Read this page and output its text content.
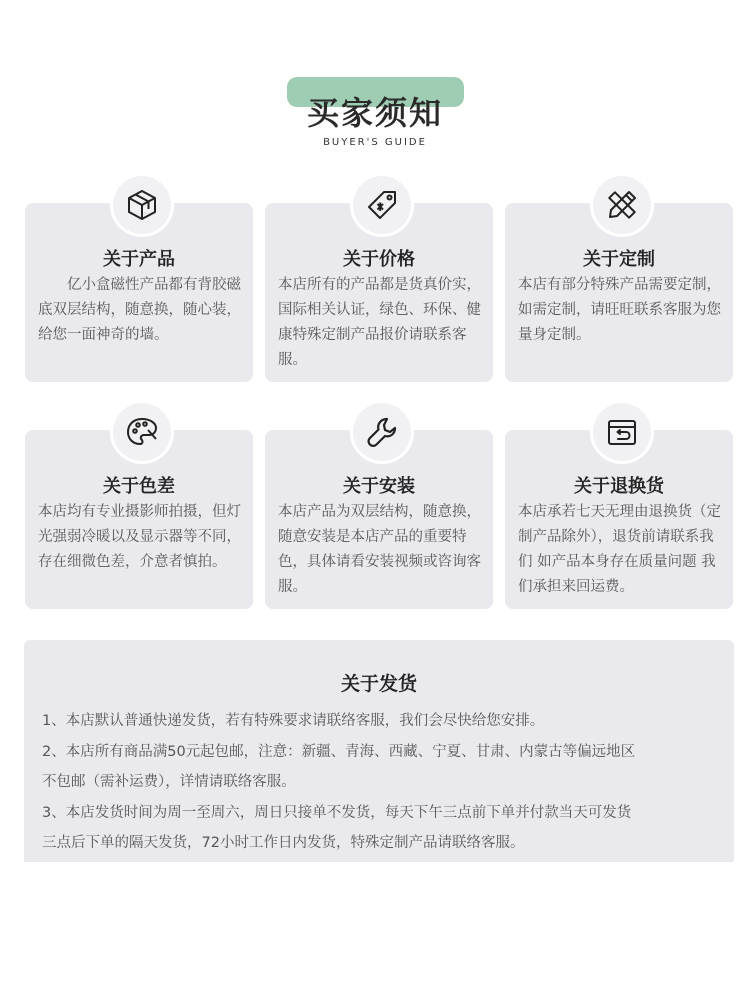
买家须知
BUYER'S GUIDE
关于产品
　　亿小盒磁性产品都有背胶磁底双层结构，随意换，随心装，给您一面神奇的墙。
关于价格
本店所有的产品都是货真价实，国际相关认证，绿色、环保、健康特殊定制产品报价请联系客服。
关于定制
本店有部分特殊产品需要定制，如需定制，请旺旺联系客服为您量身定制。
关于色差
本店均有专业摄影师拍摄，但灯光强弱冷暖以及显示器等不同，存在细微色差，介意者慎拍。
关于安装
本店产品为双层结构，随意换，随意安装是本店产品的重要特色，具体请看安装视频或咨询客服。
关于退换货
本店承若七天无理由退换货（定制产品除外），退货前请联系我们 如产品本身存在质量问题 我们承担来回运费。
关于发货
1、本店默认普通快递发货，若有特殊要求请联络客服，我们会尽快给您安排。
2、本店所有商品满50元起包邮，注意：新疆、青海、西藏、宁夏、甘肃、内蒙古等偏远地区
不包邮（需补运费），详情请联络客服。
3、本店发货时间为周一至周六，周日只接单不发货，每天下午三点前下单并付款当天可发货
三点后下单的隔天发货，72小时工作日内发货，特殊定制产品请联络客服。
